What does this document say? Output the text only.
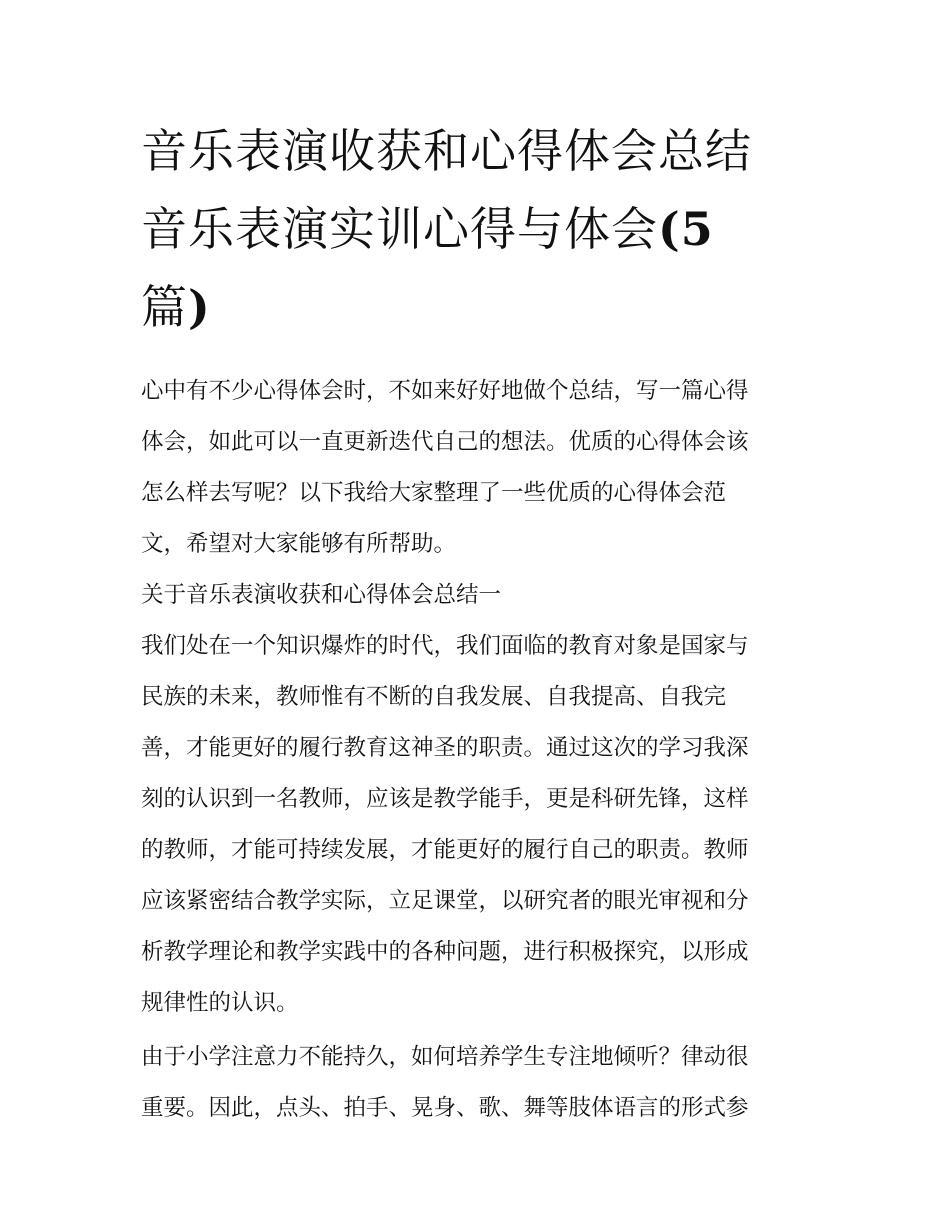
音乐表演收获和心得体会总结
音乐表演实训心得与体会(5
篇)
心中有不少心得体会时，不如来好好地做个总结，写一篇心得
体会，如此可以一直更新迭代自己的想法。优质的心得体会该
怎么样去写呢？以下我给大家整理了一些优质的心得体会范
文，希望对大家能够有所帮助。
关于音乐表演收获和心得体会总结一
我们处在一个知识爆炸的时代，我们面临的教育对象是国家与
民族的未来，教师惟有不断的自我发展、自我提高、自我完
善，才能更好的履行教育这神圣的职责。通过这次的学习我深
刻的认识到一名教师，应该是教学能手，更是科研先锋，这样
的教师，才能可持续发展，才能更好的履行自己的职责。教师
应该紧密结合教学实际，立足课堂，以研究者的眼光审视和分
析教学理论和教学实践中的各种问题，进行积极探究，以形成
规律性的认识。
由于小学注意力不能持久，如何培养学生专注地倾听？律动很
重要。因此，点头、拍手、晃身、歌、舞等肢体语言的形式参
